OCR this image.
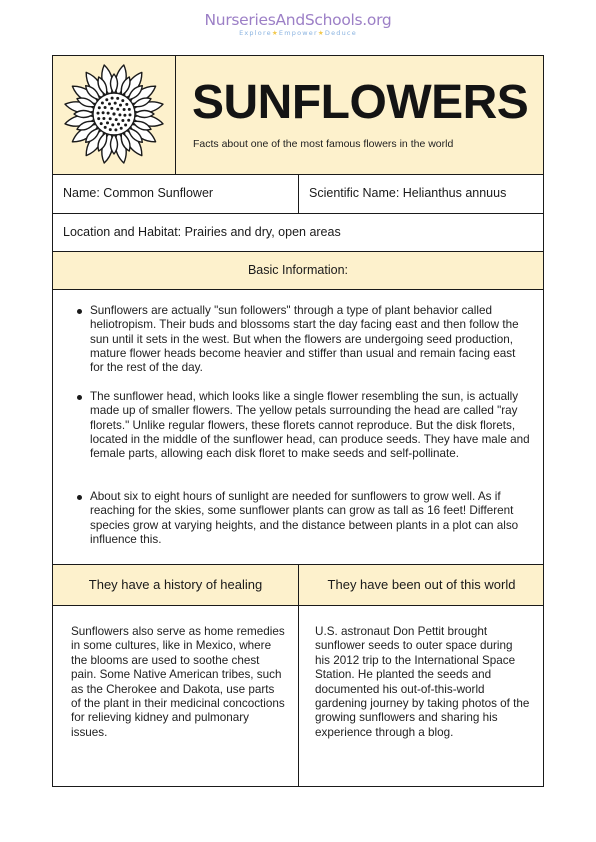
NurseriesAndSchools.org
Explore★Empower★Deduce
SUNFLOWERS
Facts about one of the most famous flowers in the world
Name: Common Sunflower	Scientific Name: Helianthus annuus
Location and Habitat: Prairies and dry, open areas
Basic Information:
Sunflowers are actually "sun followers" through a type of plant behavior called heliotropism. Their buds and blossoms start the day facing east and then follow the sun until it sets in the west. But when the flowers are undergoing seed production, mature flower heads become heavier and stiffer than usual and remain facing east for the rest of the day.
The sunflower head, which looks like a single flower resembling the sun, is actually made up of smaller flowers. The yellow petals surrounding the head are called "ray florets." Unlike regular flowers, these florets cannot reproduce. But the disk florets, located in the middle of the sunflower head, can produce seeds. They have male and female parts, allowing each disk floret to make seeds and self-pollinate.
About six to eight hours of sunlight are needed for sunflowers to grow well. As if reaching for the skies, some sunflower plants can grow as tall as 16 feet! Different species grow at varying heights, and the distance between plants in a plot can also influence this.
They have a history of healing	They have been out of this world

Sunflowers also serve as home remedies in some cultures, like in Mexico, where the blooms are used to soothe chest pain. Some Native American tribes, such as the Cherokee and Dakota, use parts of the plant in their medicinal concoctions for relieving kidney and pulmonary issues.

U.S. astronaut Don Pettit brought sunflower seeds to outer space during his 2012 trip to the International Space Station. He planted the seeds and documented his out-of-this-world gardening journey by taking photos of the growing sunflowers and sharing his experience through a blog.
